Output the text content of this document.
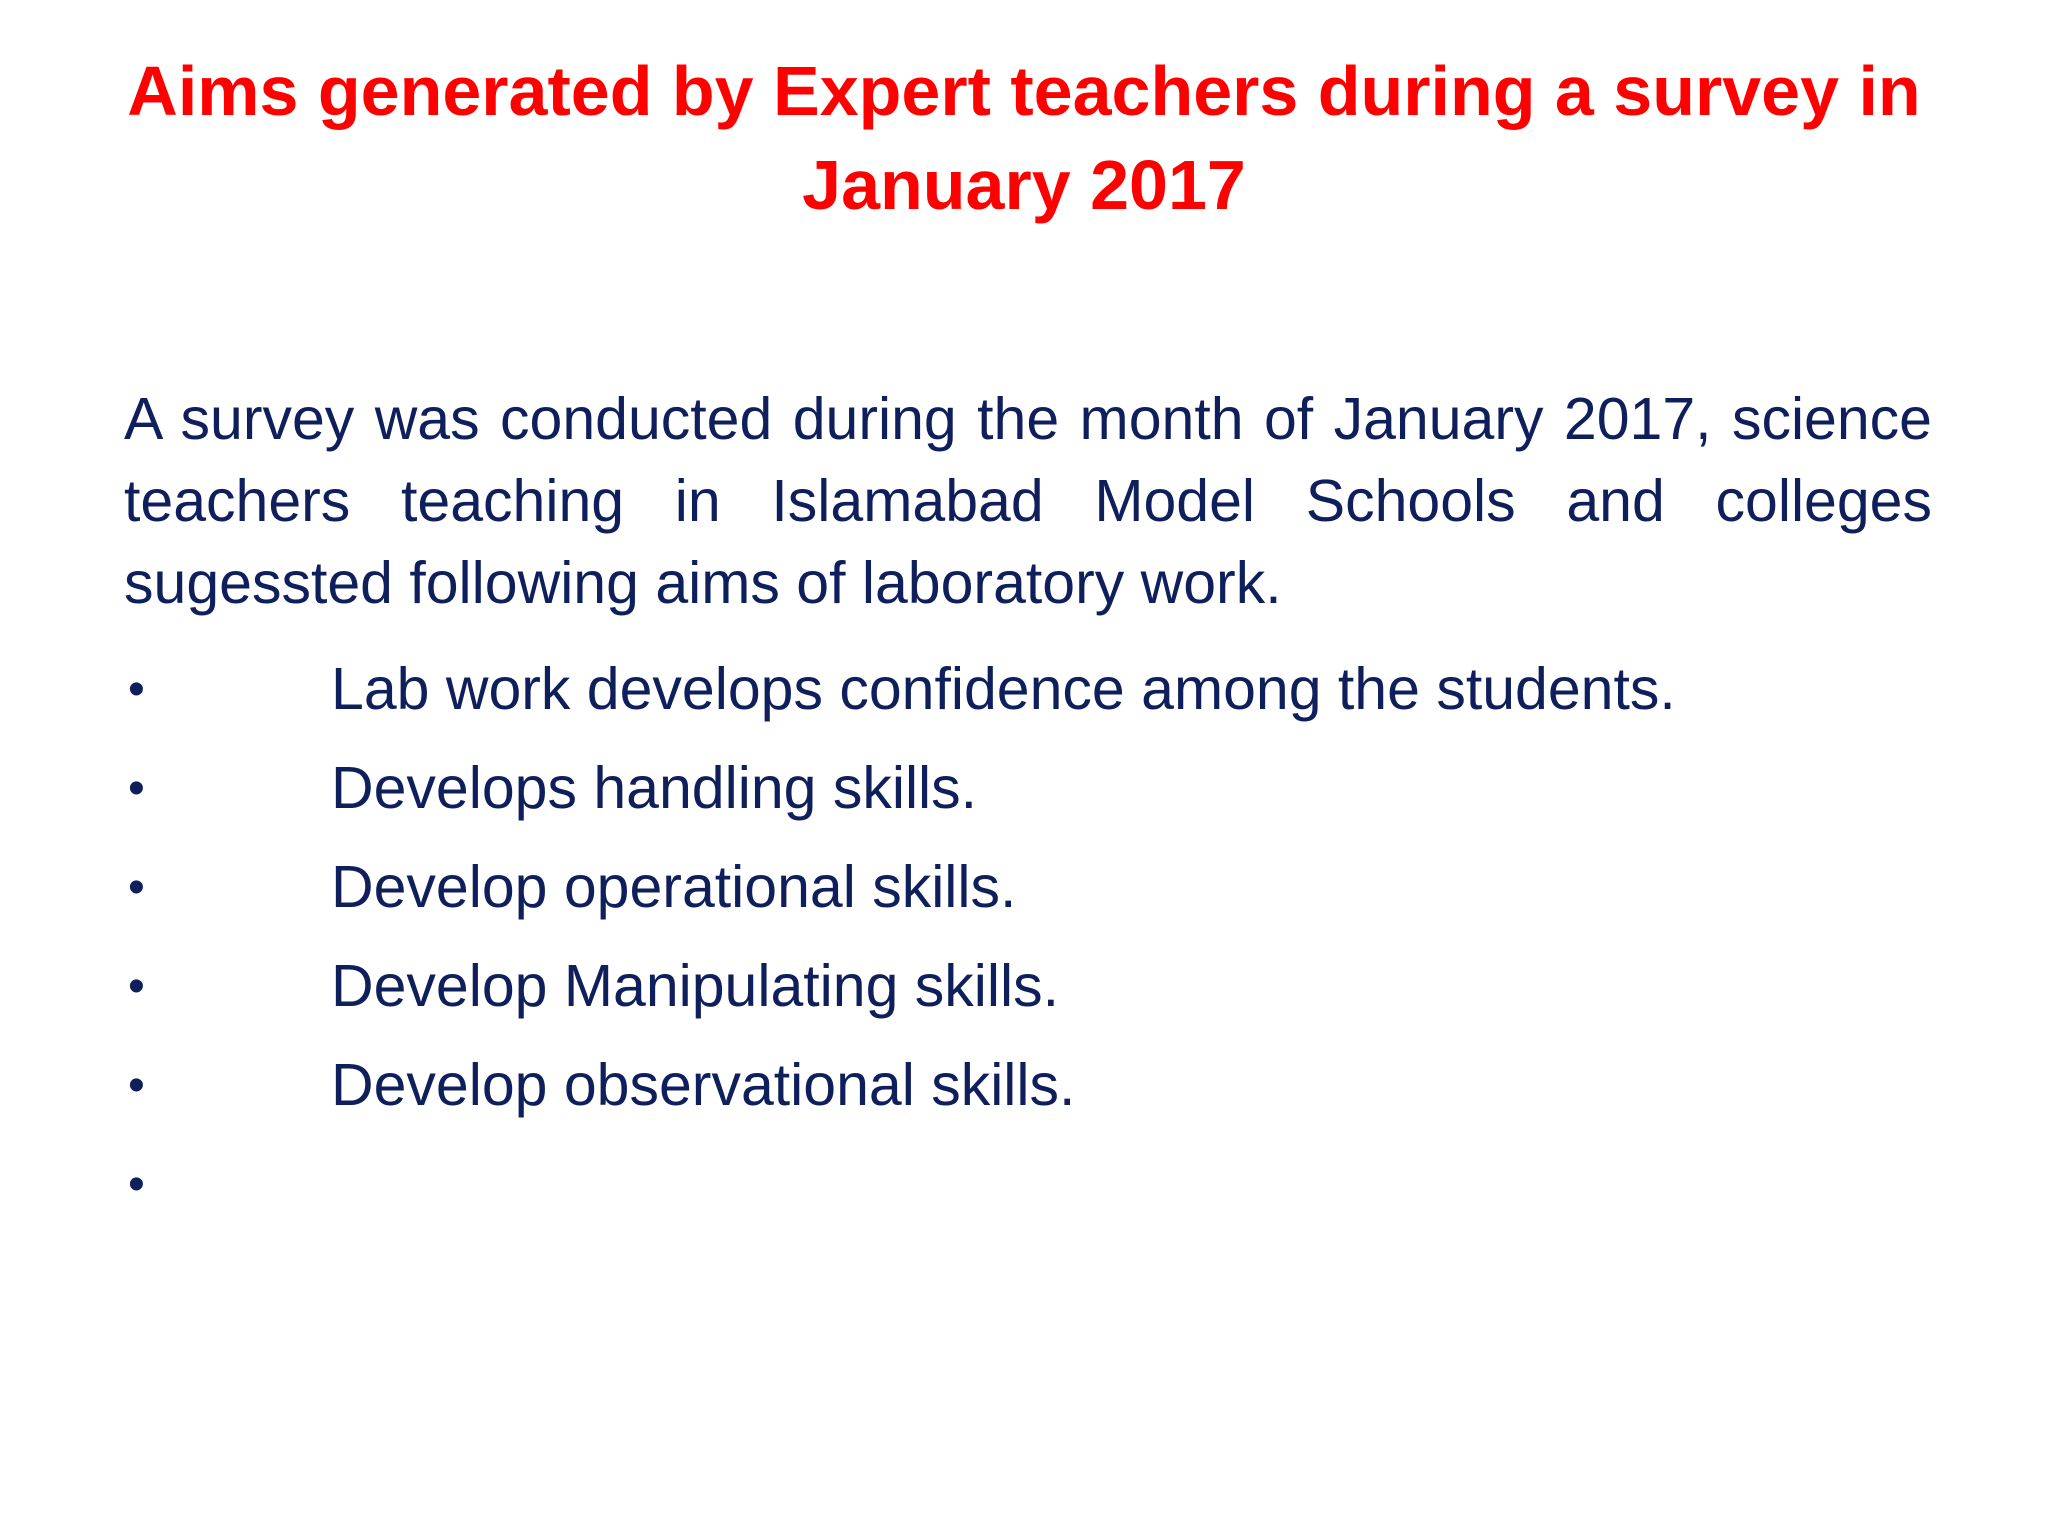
Aims generated by Expert teachers during a survey in January 2017

A survey was conducted during the month of January 2017, science teachers teaching in Islamabad Model Schools and colleges sugessted following aims of laboratory work.

•	Lab work develops confidence among the students.
•	Develops handling skills.
•	Develop operational skills.
•	Develop Manipulating skills.
•	Develop observational skills.
•
